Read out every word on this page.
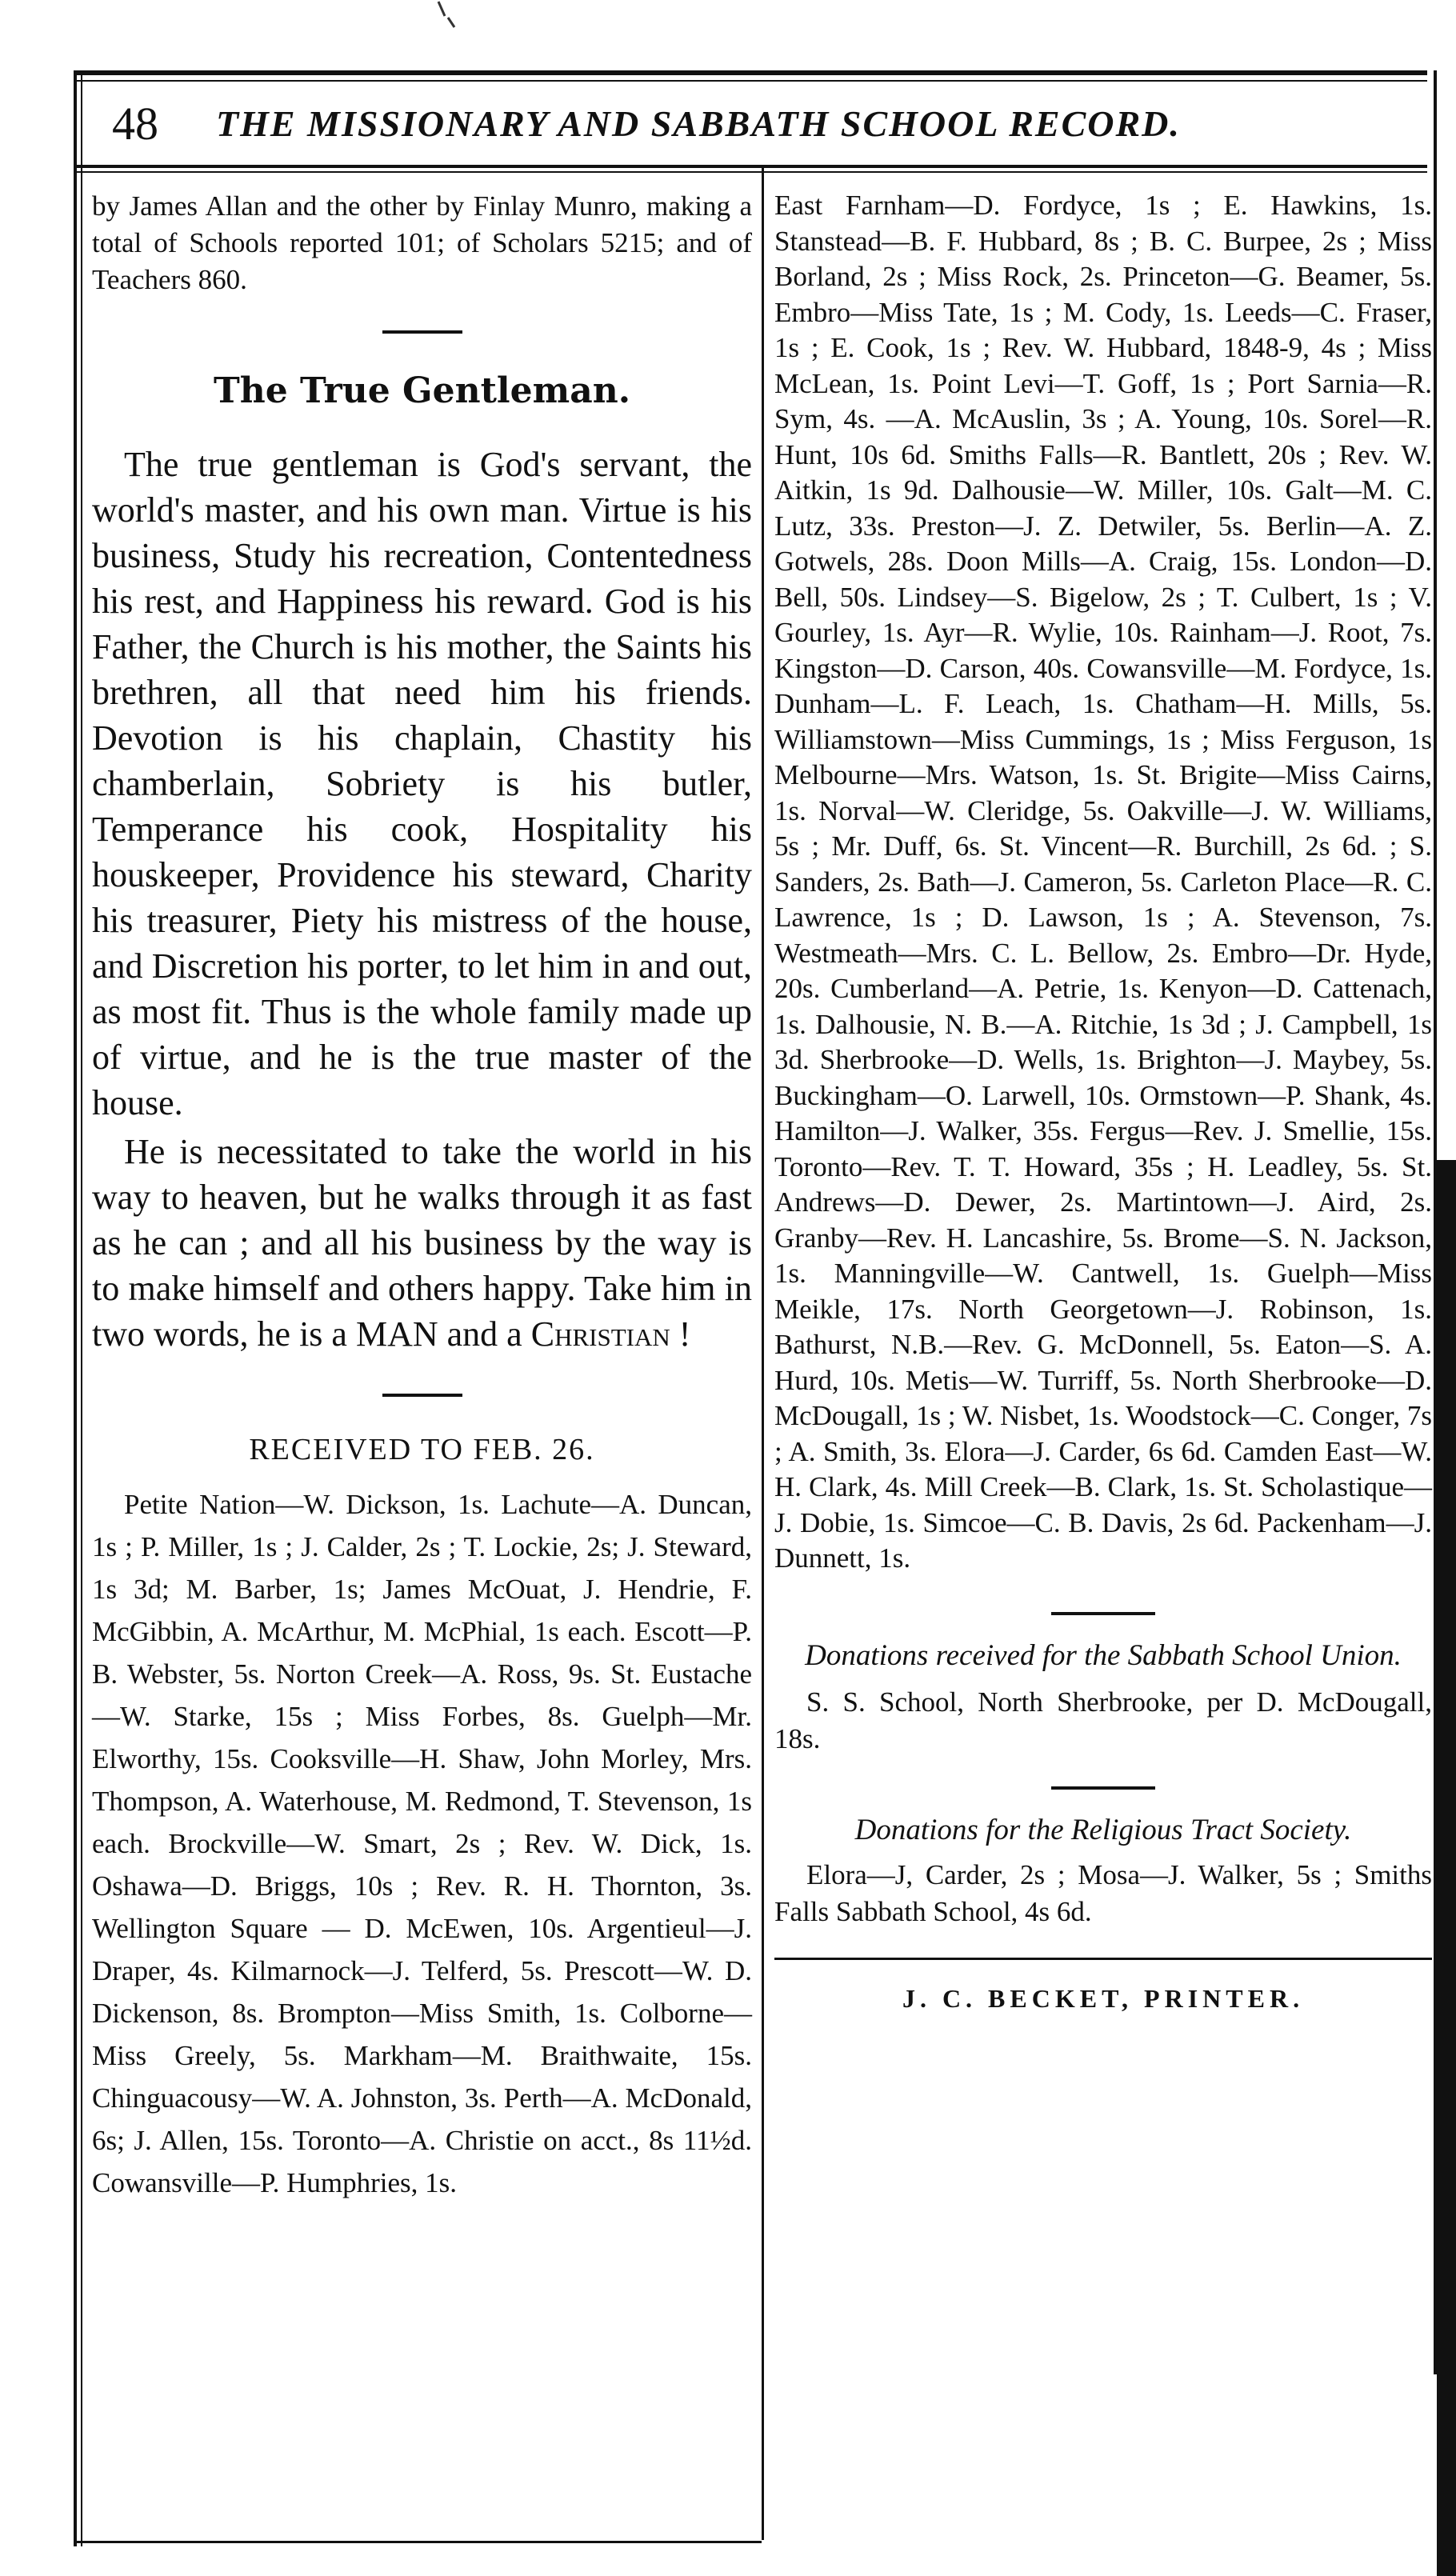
48	THE MISSIONARY AND SABBATH SCHOOL RECORD.

by James Allan and the other by Finlay Munro, making a total of Schools reported 101; of Scholars 5215; and of Teachers 860.

The True Gentleman.

The true gentleman is God's servant, the world's master, and his own man. Virtue is his business, Study his recreation, Contentedness his rest, and Happiness his reward. God is his Father, the Church is his mother, the Saints his brethren, all that need him his friends. Devotion is his chaplain, Chastity his chamberlain, Sobriety is his butler, Temperance his cook, Hospitality his houskeeper, Providence his steward, Charity his treasurer, Piety his mistress of the house, and Discretion his porter, to let him in and out, as most fit. Thus is the whole family made up of virtue, and he is the true master of the house.

He is necessitated to take the world in his way to heaven, but he walks through it as fast as he can ; and all his business by the way is to make himself and others happy. Take him in two words, he is a MAN and a Christian !

RECEIVED TO FEB. 26.

Petite Nation—W. Dickson, 1s. Lachute—A. Duncan, 1s ; P. Miller, 1s ; J. Calder, 2s ; T. Lockie, 2s; J. Steward, 1s 3d; M. Barber, 1s; James McOuat, J. Hendrie, F. McGibbin, A. McArthur, M. McPhial, 1s each. Escott—P. B. Webster, 5s. Norton Creek—A. Ross, 9s. St. Eustache—W. Starke, 15s ; Miss Forbes, 8s. Guelph—Mr. Elworthy, 15s. Cooksville—H. Shaw, John Morley, Mrs. Thompson, A. Waterhouse, M. Redmond, T. Stevenson, 1s each. Brockville—W. Smart, 2s ; Rev. W. Dick, 1s. Oshawa—D. Briggs, 10s ; Rev. R. H. Thornton, 3s. Wellington Square — D. McEwen, 10s. Argentieul—J. Draper, 4s. Kilmarnock—J. Telferd, 5s. Prescott—W. D. Dickenson, 8s. Brompton—Miss Smith, 1s. Colborne—Miss Greely, 5s. Markham—M. Braithwaite, 15s. Chinguacousy—W. A. Johnston, 3s. Perth—A. McDonald, 6s; J. Allen, 15s. Toronto—A. Christie on acct., 8s 11½d. Cowansville—P. Humphries, 1s.

East Farnham—D. Fordyce, 1s ; E. Hawkins, 1s. Stanstead—B. F. Hubbard, 8s ; B. C. Burpee, 2s ; Miss Borland, 2s ; Miss Rock, 2s. Princeton—G. Beamer, 5s. Embro—Miss Tate, 1s ; M. Cody, 1s. Leeds—C. Fraser, 1s ; E. Cook, 1s ; Rev. W. Hubbard, 1848-9, 4s ; Miss McLean, 1s. Point Levi—T. Goff, 1s ; Port Sarnia—R. Sym, 4s. —A. McAuslin, 3s ; A. Young, 10s. Sorel—R. Hunt, 10s 6d. Smiths Falls—R. Bantlett, 20s ; Rev. W. Aitkin, 1s 9d. Dalhousie—W. Miller, 10s. Galt—M. C. Lutz, 33s. Preston—J. Z. Detwiler, 5s. Berlin—A. Z. Gotwels, 28s. Doon Mills—A. Craig, 15s. London—D. Bell, 50s. Lindsey—S. Bigelow, 2s ; T. Culbert, 1s ; V. Gourley, 1s. Ayr—R. Wylie, 10s. Rainham—J. Root, 7s. Kingston—D. Carson, 40s. Cowansville—M. Fordyce, 1s. Dunham—L. F. Leach, 1s. Chatham—H. Mills, 5s. Williamstown—Miss Cummings, 1s ; Miss Ferguson, 1s Melbourne—Mrs. Watson, 1s. St. Brigite—Miss Cairns, 1s. Norval—W. Cleridge, 5s. Oakville—J. W. Williams, 5s ; Mr. Duff, 6s. St. Vincent—R. Burchill, 2s 6d. ; S. Sanders, 2s. Bath—J. Cameron, 5s. Carleton Place—R. C. Lawrence, 1s ; D. Lawson, 1s ; A. Stevenson, 7s. Westmeath—Mrs. C. L. Bellow, 2s. Embro—Dr. Hyde, 20s. Cumberland—A. Petrie, 1s. Kenyon—D. Cattenach, 1s. Dalhousie, N. B.—A. Ritchie, 1s 3d ; J. Campbell, 1s 3d. Sherbrooke—D. Wells, 1s. Brighton—J. Maybey, 5s. Buckingham—O. Larwell, 10s. Ormstown—P. Shank, 4s. Hamilton—J. Walker, 35s. Fergus—Rev. J. Smellie, 15s. Toronto—Rev. T. T. Howard, 35s ; H. Leadley, 5s. St. Andrews—D. Dewer, 2s. Martintown—J. Aird, 2s. Granby—Rev. H. Lancashire, 5s. Brome—S. N. Jackson, 1s. Manningville—W. Cantwell, 1s. Guelph—Miss Meikle, 17s. North Georgetown—J. Robinson, 1s. Bathurst, N.B.—Rev. G. McDonnell, 5s. Eaton—S. A. Hurd, 10s. Metis—W. Turriff, 5s. North Sherbrooke—D. McDougall, 1s ; W. Nisbet, 1s. Woodstock—C. Conger, 7s ; A. Smith, 3s. Elora—J. Carder, 6s 6d. Camden East—W. H. Clark, 4s. Mill Creek—B. Clark, 1s. St. Scholastique—J. Dobie, 1s. Simcoe—C. B. Davis, 2s 6d. Packenham—J. Dunnett, 1s.

Donations received for the Sabbath School Union.

S. S. School, North Sherbrooke, per D. McDougall, 18s.

Donations for the Religious Tract Society.

Elora—J, Carder, 2s ; Mosa—J. Walker, 5s ; Smiths Falls Sabbath School, 4s 6d.

J. C. BECKET, PRINTER.
